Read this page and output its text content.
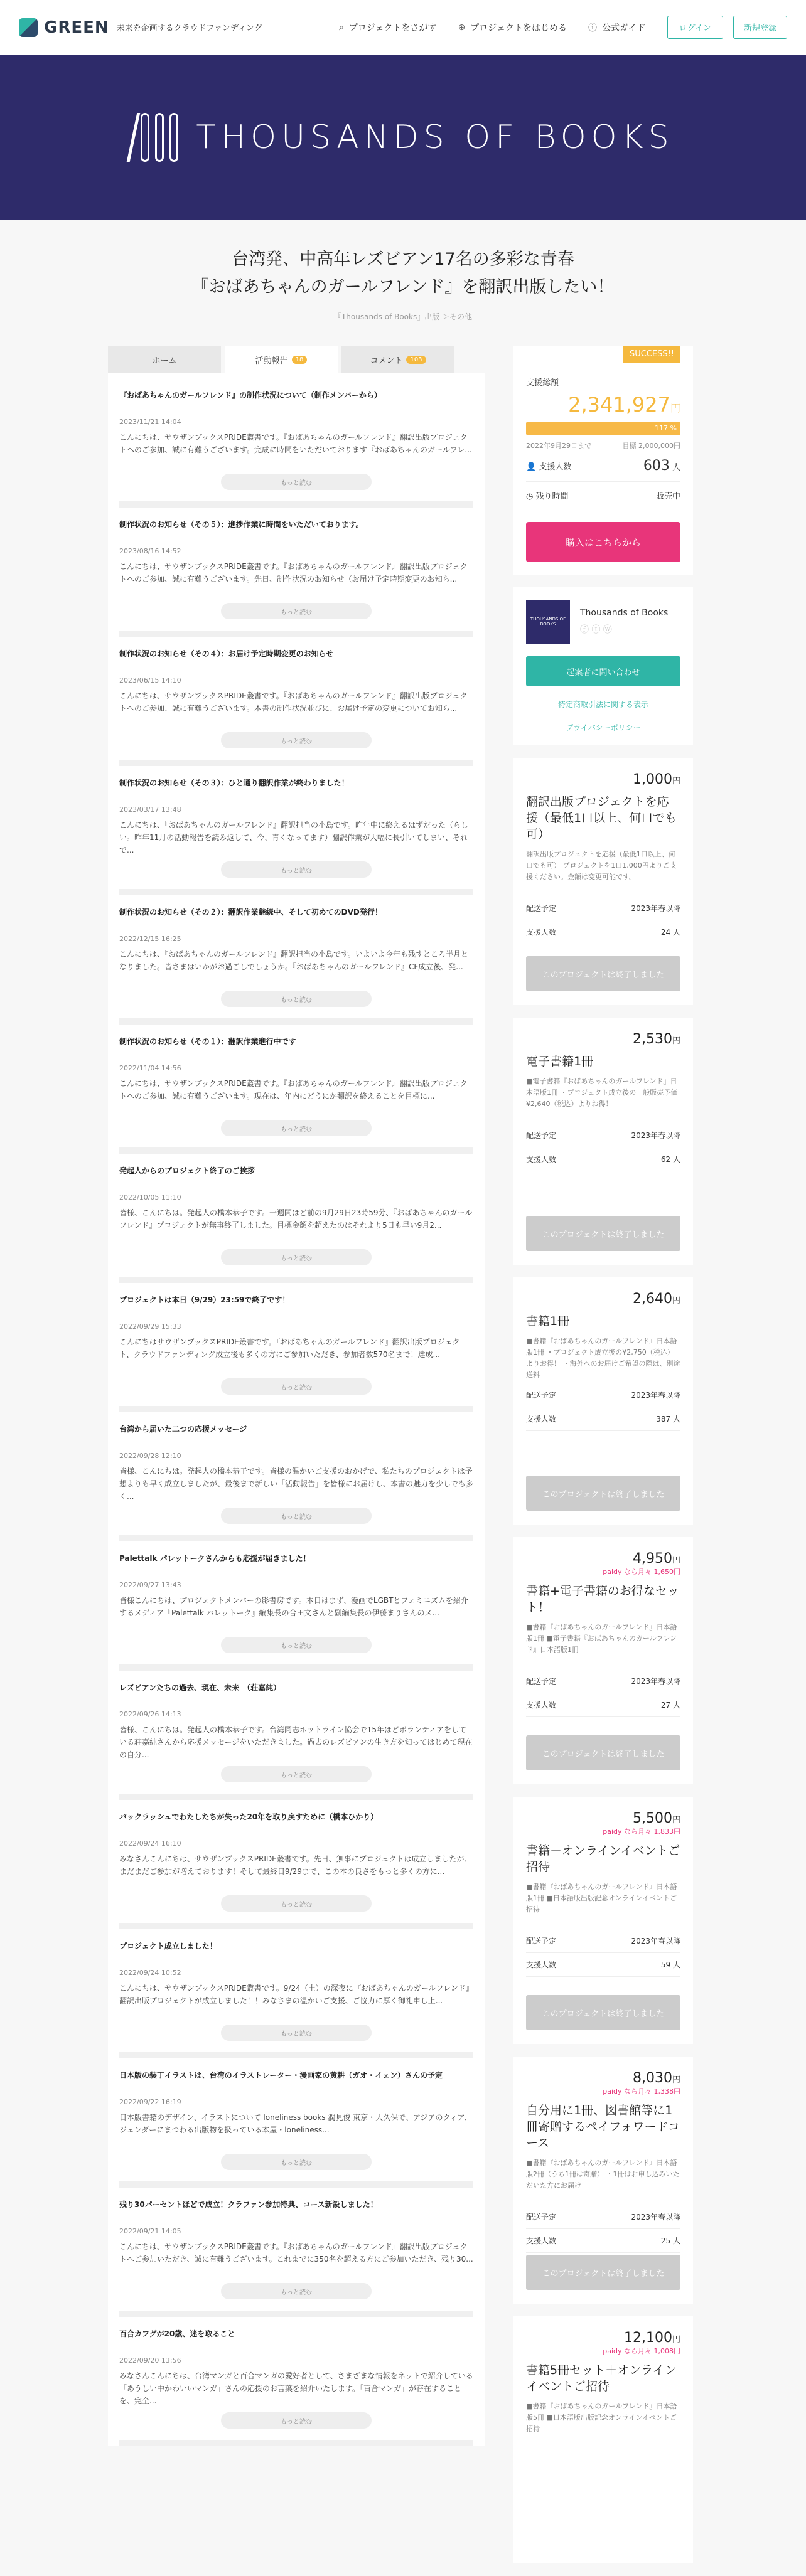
GREEN 未来を企画するクラウドファンディング	⌕ プロジェクトをさがす ⊕ プロジェクトをはじめる ⓘ 公式ガイド	ログイン	新規登録
THOUSANDS OF BOOKS
台湾発、中高年レズビアン17名の多彩な青春
『おばあちゃんのガールフレンド』を翻訳出版したい！
『Thousands of Books』出版 ＞その他
ホーム	活動報告	18	コメント	103
『おばあちゃんのガールフレンド』の制作状況について（制作メンバーから）
2023/11/21 14:04
こんにちは、サウザンブックスPRIDE叢書です。『おばあちゃんのガールフレンド』翻訳出版プロジェクトへのご参加、誠に有難うございます。完成に時間をいただいております『おばあちゃんのガールフレ...
もっと読む
制作状況のお知らせ（その５）：進捗作業に時間をいただいております。
2023/08/16 14:52
こんにちは、サウザンブックスPRIDE叢書です。『おばあちゃんのガールフレンド』翻訳出版プロジェクトへのご参加、誠に有難うございます。先日、制作状況のお知らせ（お届け予定時期変更のお知ら...
もっと読む
制作状況のお知らせ（その４）：お届け予定時期変更のお知らせ
2023/06/15 14:10
こんにちは、サウザンブックスPRIDE叢書です。『おばあちゃんのガールフレンド』翻訳出版プロジェクトへのご参加、誠に有難うございます。本書の制作状況並びに、お届け予定の変更についてお知ら...
もっと読む
制作状況のお知らせ（その３）：ひと通り翻訳作業が終わりました！
2023/03/17 13:48
こんにちは、『おばあちゃんのガールフレンド』翻訳担当の小島です。昨年中に終えるはずだった（らしい。昨年11月の活動報告を読み返して、今、青くなってます）翻訳作業が大幅に長引いてしまい、それで...
もっと読む
制作状況のお知らせ（その２）：翻訳作業継続中、そして初めてのDVD発行！
2022/12/15 16:25
こんにちは、『おばあちゃんのガールフレンド』翻訳担当の小島です。いよいよ今年も残すところ半月となりました。皆さまはいかがお過ごしでしょうか。『おばあちゃんのガールフレンド』CF成立後、発...
もっと読む
制作状況のお知らせ（その１）：翻訳作業進行中です
2022/11/04 14:56
こんにちは、サウザンブックスPRIDE叢書です。『おばあちゃんのガールフレンド』翻訳出版プロジェクトへのご参加、誠に有難うございます。現在は、年内にどうにか翻訳を終えることを目標に...
もっと読む
発起人からのプロジェクト終了のご挨拶
2022/10/05 11:10
皆様、こんにちは。発起人の橋本恭子です。一週間ほど前の9月29日23時59分、『おばあちゃんのガールフレンド』プロジェクトが無事終了しました。目標金額を超えたのはそれより5日も早い9月2...
もっと読む
プロジェクトは本日（9/29）23:59で終了です！
2022/09/29 15:33
こんにちはサウザンブックスPRIDE叢書です。『おばあちゃんのガールフレンド』翻訳出版プロジェクト、クラウドファンディング成立後も多くの方にご参加いただき、参加者数570名まで！達成...
もっと読む
台湾から届いた二つの応援メッセージ
2022/09/28 12:10
皆様、こんにちは。発起人の橋本恭子です。皆様の温かいご支援のおかげで、私たちのプロジェクトは予想よりも早く成立しましたが、最後まで新しい「活動報告」を皆様にお届けし、本書の魅力を少しでも多く...
もっと読む
Palettalk パレットークさんからも応援が届きました！
2022/09/27 13:43
皆様こんにちは、プロジェクトメンバーの影書房です。本日はまず、漫画でLGBTとフェミニズムを紹介するメディア『Palettalk パレットーク』編集長の合田文さんと副編集長の伊藤まりさんのメ...
もっと読む
レズビアンたちの過去、現在、未来　（荘嘉純）
2022/09/26 14:13
皆様、こんにちは。発起人の橋本恭子です。台湾同志ホットライン協会で15年ほどボランティアをしている荘嘉純さんから応援メッセージをいただきました。過去のレズビアンの生き方を知ってはじめて現在の自分...
もっと読む
バックラッシュでわたしたちが失った20年を取り戻すために（橋本ひかり）
2022/09/24 16:10
みなさんこんにちは、サウザンブックスPRIDE叢書です。先日、無事にプロジェクトは成立しましたが、まだまだご参加が増えております！そして最終日9/29まで、この本の良さをもっと多くの方に...
もっと読む
プロジェクト成立しました！
2022/09/24 10:52
こんにちは、サウザンブックスPRIDE叢書です。9/24（土）の深夜に『おばあちゃんのガールフレンド』翻訳出版プロジェクトが成立しました！！みなさまの温かいご支援、ご協力に厚く御礼申し上...
もっと読む
日本版の装丁イラストは、台湾のイラストレーター・漫画家の黄耕（ガオ・イェン）さんの予定
2022/09/22 16:19
日本版書籍のデザイン、イラストについて loneliness books 潤見俊 東京・大久保で、アジアのクィア、ジェンダーにまつわる出版物を扱っている本屋・loneliness...
もっと読む
残り30パーセントほどで成立！クラファン参加特典、コース新設しました！
2022/09/21 14:05
こんにちは、サウザンブックスPRIDE叢書です。『おばあちゃんのガールフレンド』翻訳出版プロジェクトへご参加いただき、誠に有難うございます。これまでに350名を超える方にご参加いただき、残り30...
もっと読む
百合カフグが20歳、迷を取ること
2022/09/20 13:56
みなさんこんにちは、台湾マンガと百合マンガの愛好者として、さまざまな情報をネットで紹介している「あうしい中かわいいマンガ」さんの応援のお言葉を紹介いたします。「百合マンガ」が存在することを、完全...
もっと読む
SUCCESS!!
支援総額
2,341,927円
117 %
2022年9月29日まで	目標 2,000,000円
👤 支援人数	603 人
◷ 残り時間	販売中
購入はこちらから
THOUSANDS OF BOOKS
Thousands of Books
ⓕ ⓣ ⓦ
起案者に問い合わせ
特定商取引法に関する表示
プライバシーポリシー
1,000円
翻訳出版プロジェクトを応援（最低1口以上、何口でも可）
翻訳出版プロジェクトを応援（最低1口以上、何口でも可） プロジェクトを1口1,000円よりご支援ください。金額は変更可能です。
配送予定	2023年春以降
支援人数	24 人
このプロジェクトは終了しました
2,530円
電子書籍1冊
■電子書籍『おばあちゃんのガールフレンド』日本語版1冊 ・プロジェクト成立後の一般販売予価¥2,640（税込）よりお得！
配送予定	2023年春以降
支援人数	62 人
このプロジェクトは終了しました
2,640円
書籍1冊
■書籍『おばあちゃんのガールフレンド』日本語版1冊 ・プロジェクト成立後の¥2,750（税込）よりお得！ ・海外へのお届けご希望の際は、別途送料
配送予定	2023年春以降
支援人数	387 人
このプロジェクトは終了しました
4,950円
paidy なら月々 1,650円
書籍+電子書籍のお得なセット！
■書籍『おばあちゃんのガールフレンド』日本語版1冊 ■電子書籍『おばあちゃんのガールフレンド』日本語版1冊
配送予定	2023年春以降
支援人数	27 人
このプロジェクトは終了しました
5,500円
paidy なら月々 1,833円
書籍＋オンラインイベントご招待
■書籍『おばあちゃんのガールフレンド』日本語版1冊 ■日本語版出版記念オンラインイベントご招待
配送予定	2023年春以降
支援人数	59 人
このプロジェクトは終了しました
8,030円
paidy なら月々 1,338円
自分用に1冊、図書館等に1冊寄贈するペイフォワードコース
■書籍『おばあちゃんのガールフレンド』日本語版2冊（うち1冊は寄贈） ・1冊はお申し込みいただいた方にお届け
配送予定	2023年春以降
支援人数	25 人
このプロジェクトは終了しました
12,100円
paidy なら月々 1,008円
書籍5冊セット＋オンラインイベントご招待
■書籍『おばあちゃんのガールフレンド』日本語版5冊 ■日本語版出版記念オンラインイベントご招待
